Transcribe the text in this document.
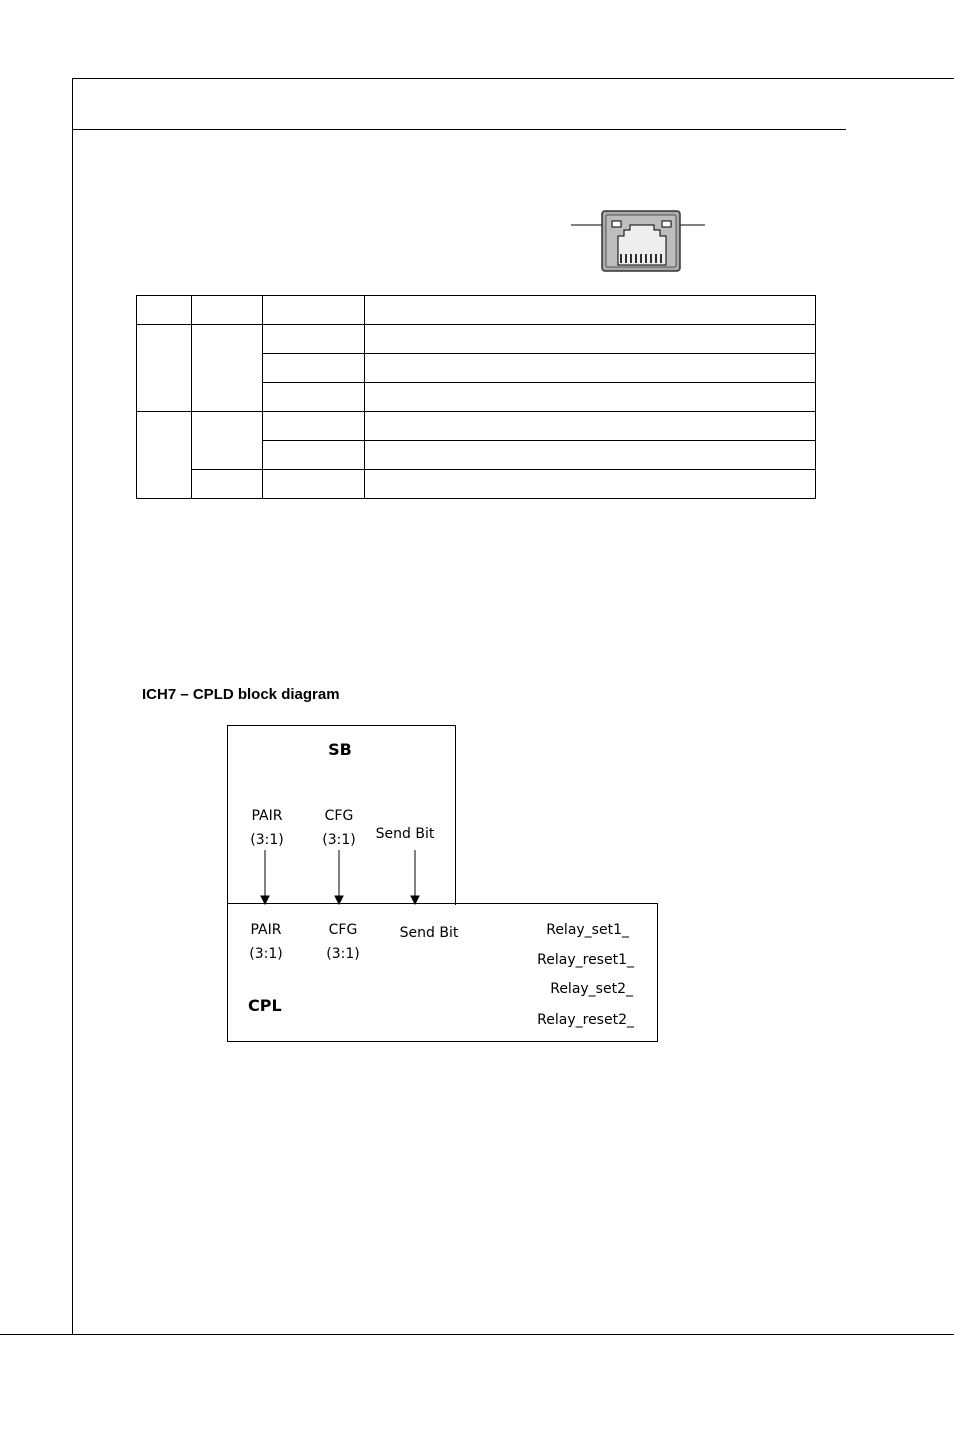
ICH7 – CPLD block diagram
SB
PAIR
(3:1)
CFG
(3:1)	Send Bit
PAIR
(3:1)
CFG
(3:1)
Send Bit
CPL
Relay_set1_
Relay_reset1_
Relay_set2_
Relay_reset2_
